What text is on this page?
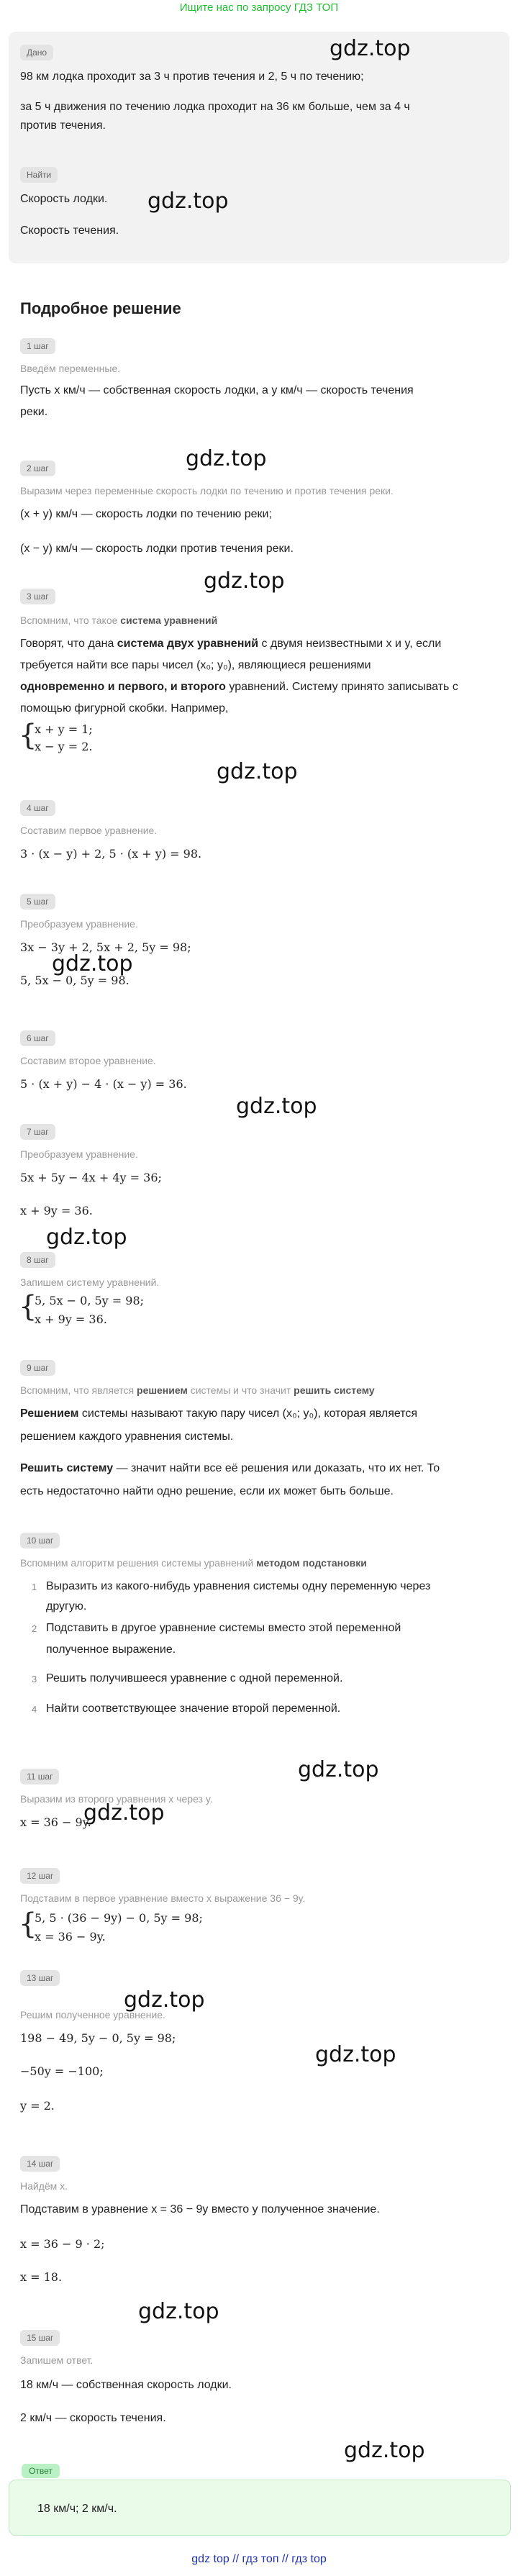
Ищите нас по запросу ГДЗ ТОП
Дано
98 км лодка проходит за 3 ч против течения и 2, 5 ч по течению;
за 5 ч движения по течению лодка проходит на 36 км больше, чем за 4 ч
против течения.
Найти
Скорость лодки.
Скорость течения.
gdz.top
gdz.top
gdz.top
gdz.top
gdz.top
gdz.top
gdz.top
gdz.top
gdz.top
gdz.top
gdz.top
gdz.top
gdz.top
gdz.top
Подробное решение
1 шаг
Введём переменные.
Пусть x км/ч — собственная скорость лодки, а y км/ч — скорость течения
реки.
2 шаг
Выразим через переменные скорость лодки по течению и против течения реки.
(x + y) км/ч — скорость лодки по течению реки;
(x − y) км/ч — скорость лодки против течения реки.
3 шаг
Вспомним, что такое система уравнений
Говорят, что дана система двух уравнений с двумя неизвестными x и y, если
требуется найти все пары чисел (x₀; y₀), являющиеся решениями
одновременно и первого, и второго уравнений. Систему принято записывать с
помощью фигурной скобки. Например,
{
x + y = 1;
x − y = 2.
4 шаг
Составим первое уравнение.
3 · (x − y) + 2, 5 · (x + y) = 98.
5 шаг
Преобразуем уравнение.
3x − 3y + 2, 5x + 2, 5y = 98;
5, 5x − 0, 5y = 98.
6 шаг
Составим второе уравнение.
5 · (x + y) − 4 · (x − y) = 36.
7 шаг
Преобразуем уравнение.
5x + 5y − 4x + 4y = 36;
x + 9y = 36.
8 шаг
Запишем систему уравнений.
{
5, 5x − 0, 5y = 98;
x + 9y = 36.
9 шаг
Вспомним, что является решением системы и что значит решить систему
Решением системы называют такую пару чисел (x₀; y₀), которая является
решением каждого уравнения системы.
Решить систему — значит найти все её решения или доказать, что их нет. То
есть недостаточно найти одно решение, если их может быть больше.
10 шаг
Вспомним алгоритм решения системы уравнений методом подстановки
1 Выразить из какого-нибудь уравнения системы одну переменную через
другую.
2 Подставить в другое уравнение системы вместо этой переменной
полученное выражение.
3 Решить получившееся уравнение с одной переменной.
4 Найти соответствующее значение второй переменной.
11 шаг
Выразим из второго уравнения x через y.
x = 36 − 9y.
12 шаг
Подставим в первое уравнение вместо x выражение 36 − 9y.
{
5, 5 · (36 − 9y) − 0, 5y = 98;
x = 36 − 9y.
13 шаг
Решим полученное уравнение.
198 − 49, 5y − 0, 5y = 98;
−50y = −100;
y = 2.
14 шаг
Найдём x.
Подставим в уравнение x = 36 − 9y вместо y полученное значение.
x = 36 − 9 · 2;
x = 18.
15 шаг
Запишем ответ.
18 км/ч — собственная скорость лодки.
2 км/ч — скорость течения.
Ответ
18 км/ч; 2 км/ч.
gdz top // гдз топ // гдз top
